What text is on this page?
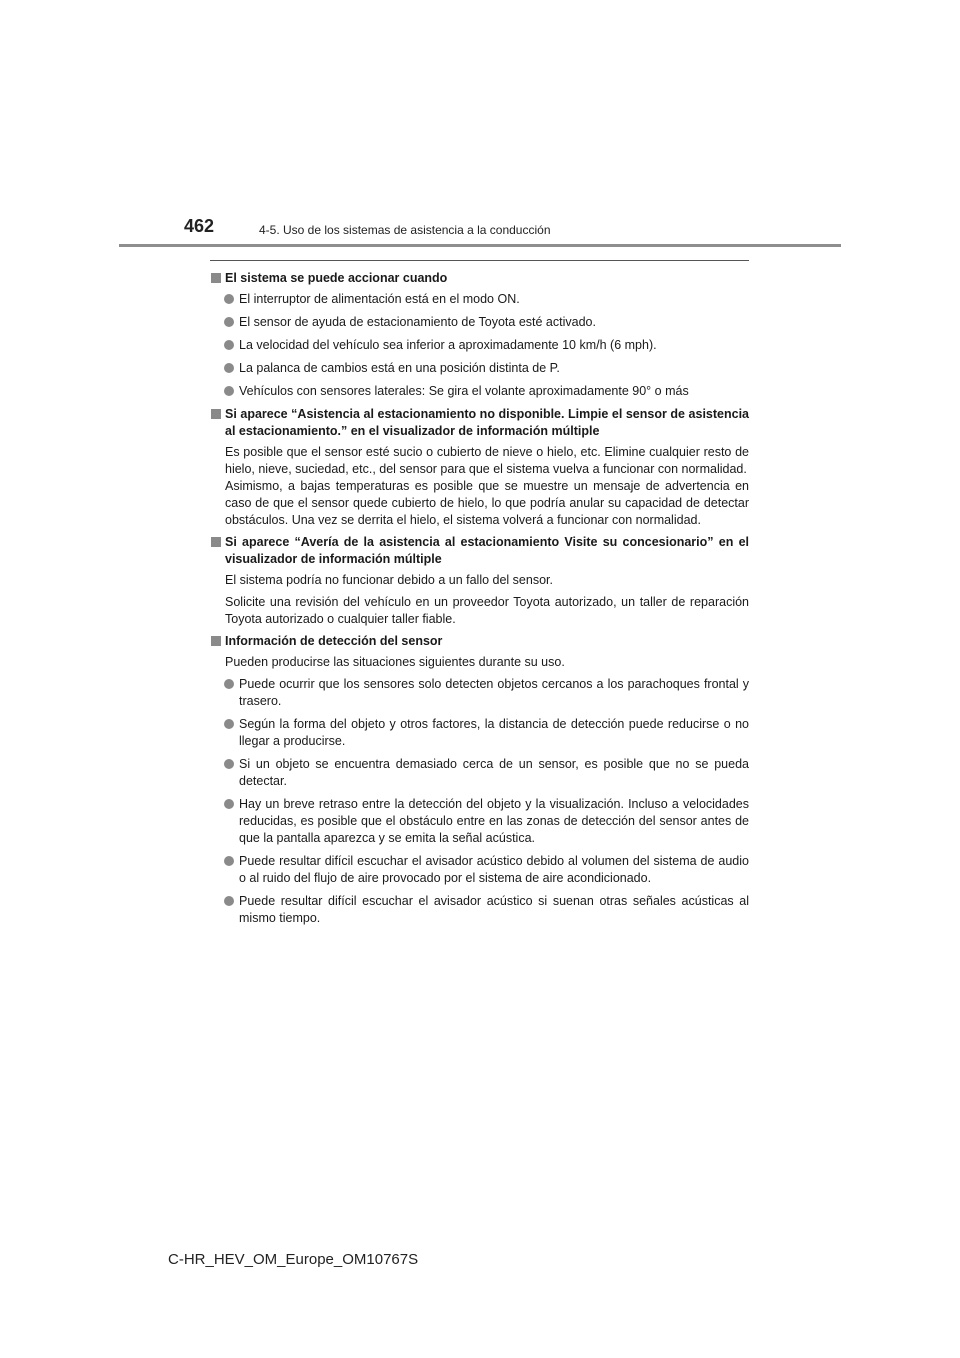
462	4-5. Uso de los sistemas de asistencia a la conducción
El sistema se puede accionar cuando
El interruptor de alimentación está en el modo ON.
El sensor de ayuda de estacionamiento de Toyota esté activado.
La velocidad del vehículo sea inferior a aproximadamente 10 km/h (6 mph).
La palanca de cambios está en una posición distinta de P.
Vehículos con sensores laterales: Se gira el volante aproximadamente 90° o más
Si aparece “Asistencia al estacionamiento no disponible. Limpie el sensor de asistencia al estacionamiento.” en el visualizador de información múltiple
Es posible que el sensor esté sucio o cubierto de nieve o hielo, etc. Elimine cualquier resto de hielo, nieve, suciedad, etc., del sensor para que el sistema vuelva a funcionar con normalidad.
Asimismo, a bajas temperaturas es posible que se muestre un mensaje de advertencia en caso de que el sensor quede cubierto de hielo, lo que podría anular su capacidad de detectar obstáculos. Una vez se derrita el hielo, el sistema volverá a funcionar con normalidad.
Si aparece “Avería de la asistencia al estacionamiento Visite su concesionario” en el visualizador de información múltiple
El sistema podría no funcionar debido a un fallo del sensor.
Solicite una revisión del vehículo en un proveedor Toyota autorizado, un taller de reparación Toyota autorizado o cualquier taller fiable.
Información de detección del sensor
Pueden producirse las situaciones siguientes durante su uso.
Puede ocurrir que los sensores solo detecten objetos cercanos a los parachoques frontal y trasero.
Según la forma del objeto y otros factores, la distancia de detección puede reducirse o no llegar a producirse.
Si un objeto se encuentra demasiado cerca de un sensor, es posible que no se pueda detectar.
Hay un breve retraso entre la detección del objeto y la visualización. Incluso a velocidades reducidas, es posible que el obstáculo entre en las zonas de detección del sensor antes de que la pantalla aparezca y se emita la señal acústica.
Puede resultar difícil escuchar el avisador acústico debido al volumen del sistema de audio o al ruido del flujo de aire provocado por el sistema de aire acondicionado.
Puede resultar difícil escuchar el avisador acústico si suenan otras señales acústicas al mismo tiempo.
C-HR_HEV_OM_Europe_OM10767S
